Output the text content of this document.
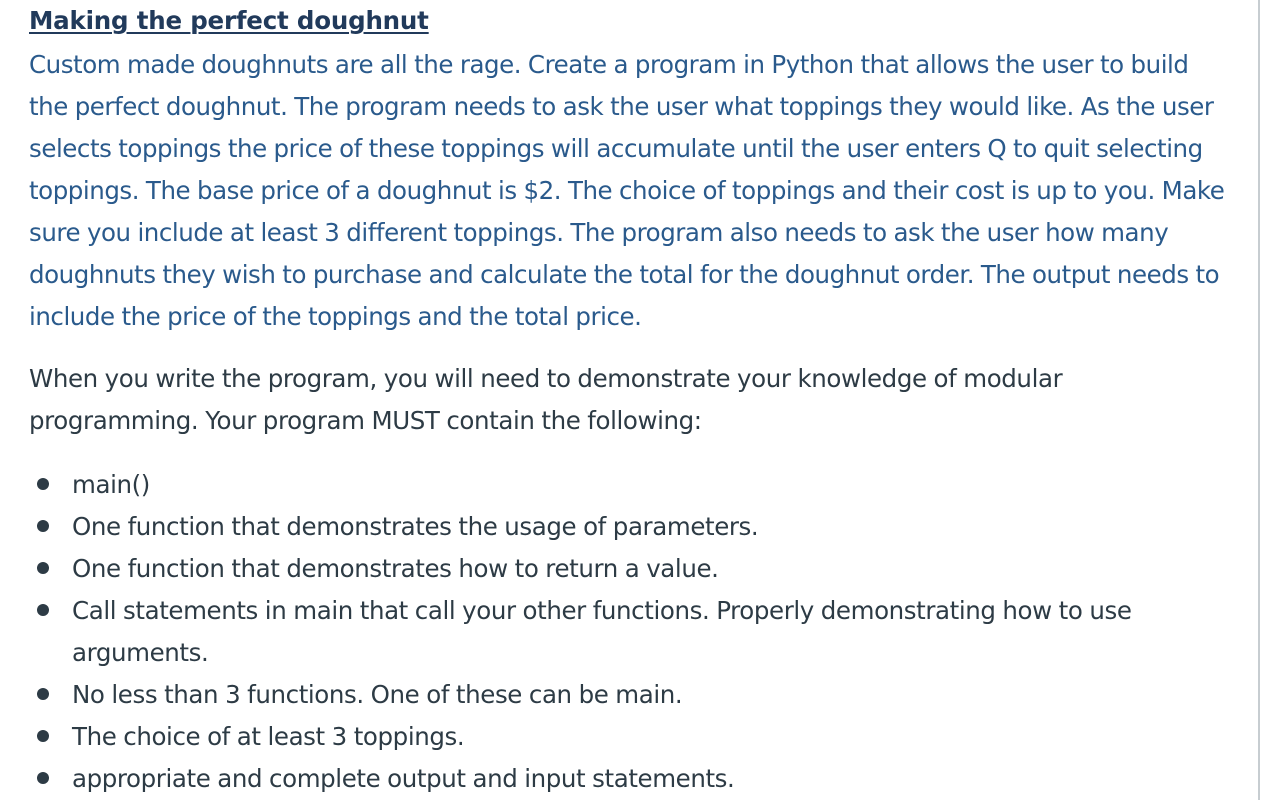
Making the perfect doughnut

Custom made doughnuts are all the rage. Create a program in Python that allows the user to build the perfect doughnut. The program needs to ask the user what toppings they would like. As the user selects toppings the price of these toppings will accumulate until the user enters Q to quit selecting toppings. The base price of a doughnut is $2. The choice of toppings and their cost is up to you. Make sure you include at least 3 different toppings. The program also needs to ask the user how many doughnuts they wish to purchase and calculate the total for the doughnut order. The output needs to include the price of the toppings and the total price.

When you write the program, you will need to demonstrate your knowledge of modular programming. Your program MUST contain the following:

main()
One function that demonstrates the usage of parameters.
One function that demonstrates how to return a value.
Call statements in main that call your other functions. Properly demonstrating how to use arguments.
No less than 3 functions. One of these can be main.
The choice of at least 3 toppings.
appropriate and complete output and input statements.
